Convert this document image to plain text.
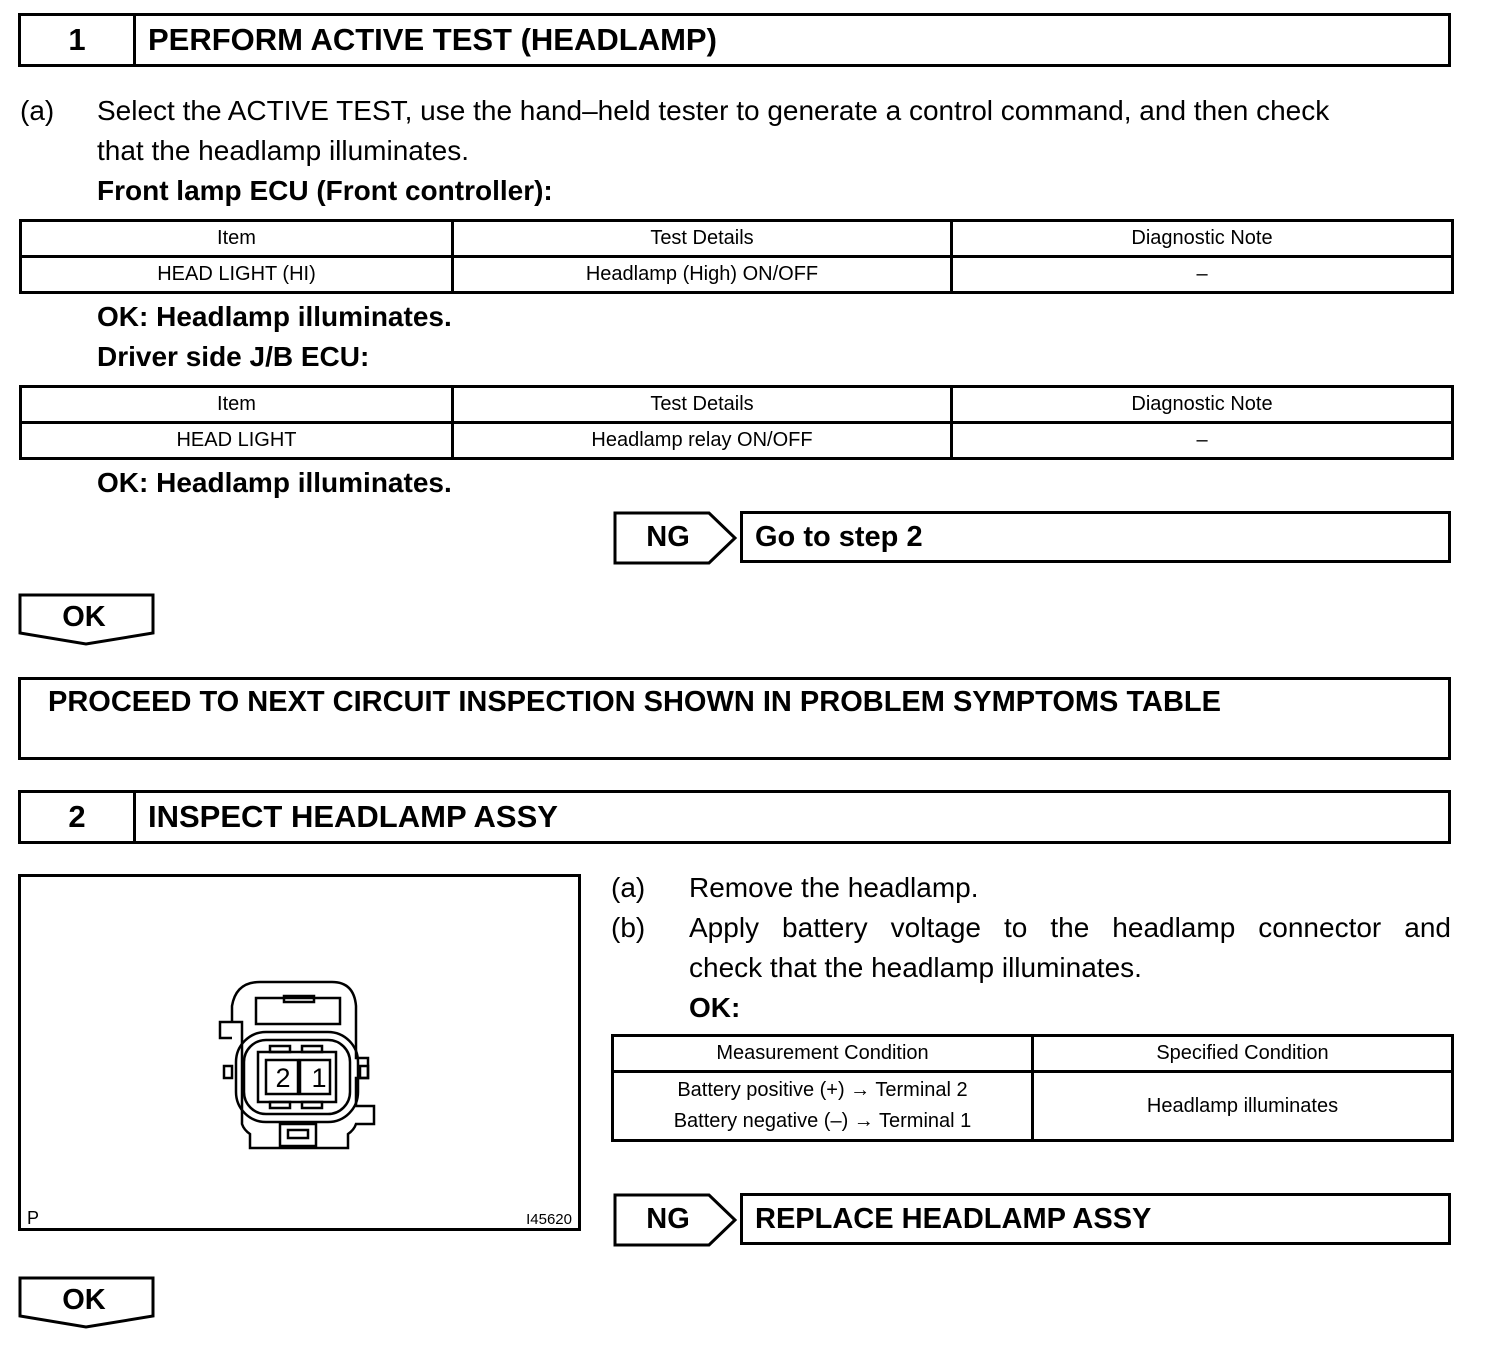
1	PERFORM ACTIVE TEST (HEADLAMP)
(a) Select the ACTIVE TEST, use the hand–held tester to generate a control command, and then check
that the headlamp illuminates.
Front lamp ECU (Front controller):
Item	Test Details	Diagnostic Note
HEAD LIGHT (HI)	Headlamp (High) ON/OFF	–
OK: Headlamp illuminates.
Driver side J/B ECU:
Item	Test Details	Diagnostic Note
HEAD LIGHT	Headlamp relay ON/OFF	–
OK: Headlamp illuminates.
NG	Go to step 2
OK
PROCEED TO NEXT CIRCUIT INSPECTION SHOWN IN PROBLEM SYMPTOMS TABLE
2	INSPECT HEADLAMP ASSY
2 1
P	I45620
(a) Remove the headlamp.
(b) Apply battery voltage to the headlamp connector and
check that the headlamp illuminates.
OK:
Measurement Condition	Specified Condition

Battery positive (+) → Terminal 2
Battery negative (–) → Terminal 1	Headlamp illuminates
NG	REPLACE HEADLAMP ASSY
OK
